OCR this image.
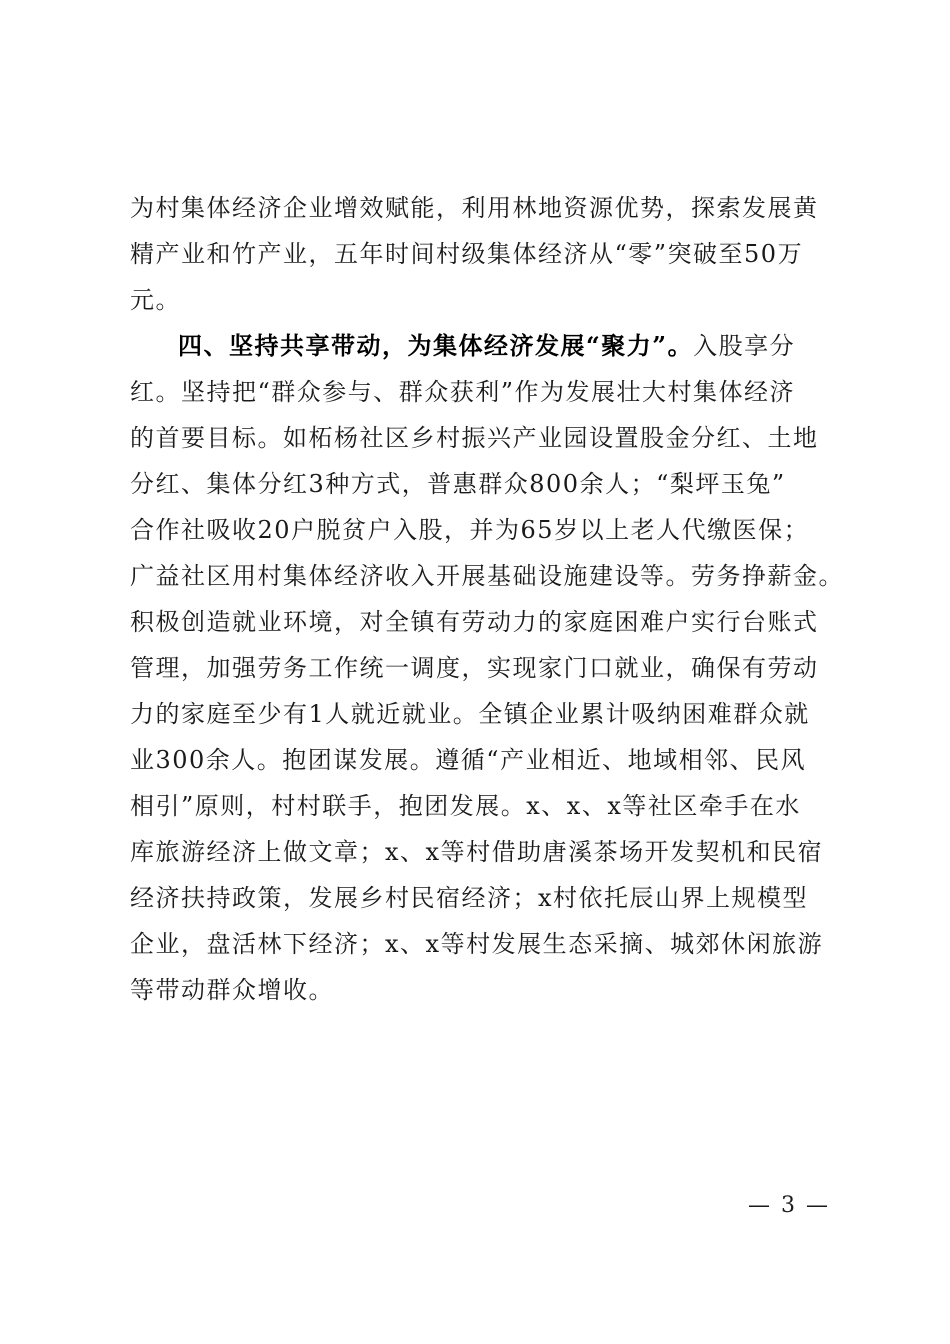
为村集体经济企业增效赋能，利用林地资源优势，探索发展黄
精产业和竹产业，五年时间村级集体经济从“零”突破至50万
元。
四、坚持共享带动，为集体经济发展“聚力”。入股享分
红。坚持把“群众参与、群众获利”作为发展壮大村集体经济
的首要目标。如柘杨社区乡村振兴产业园设置股金分红、土地
分红、集体分红3种方式，普惠群众800余人；“梨坪玉兔”
合作社吸收20户脱贫户入股，并为65岁以上老人代缴医保；
广益社区用村集体经济收入开展基础设施建设等。劳务挣薪金。
积极创造就业环境，对全镇有劳动力的家庭困难户实行台账式
管理，加强劳务工作统一调度，实现家门口就业，确保有劳动
力的家庭至少有1人就近就业。全镇企业累计吸纳困难群众就
业300余人。抱团谋发展。遵循“产业相近、地域相邻、民风
相引”原则，村村联手，抱团发展。x、x、x等社区牵手在水
库旅游经济上做文章；x、x等村借助唐溪茶场开发契机和民宿
经济扶持政策，发展乡村民宿经济；x村依托辰山界上规模型
企业，盘活林下经济；x、x等村发展生态采摘、城郊休闲旅游
等带动群众增收。
— 3 —
